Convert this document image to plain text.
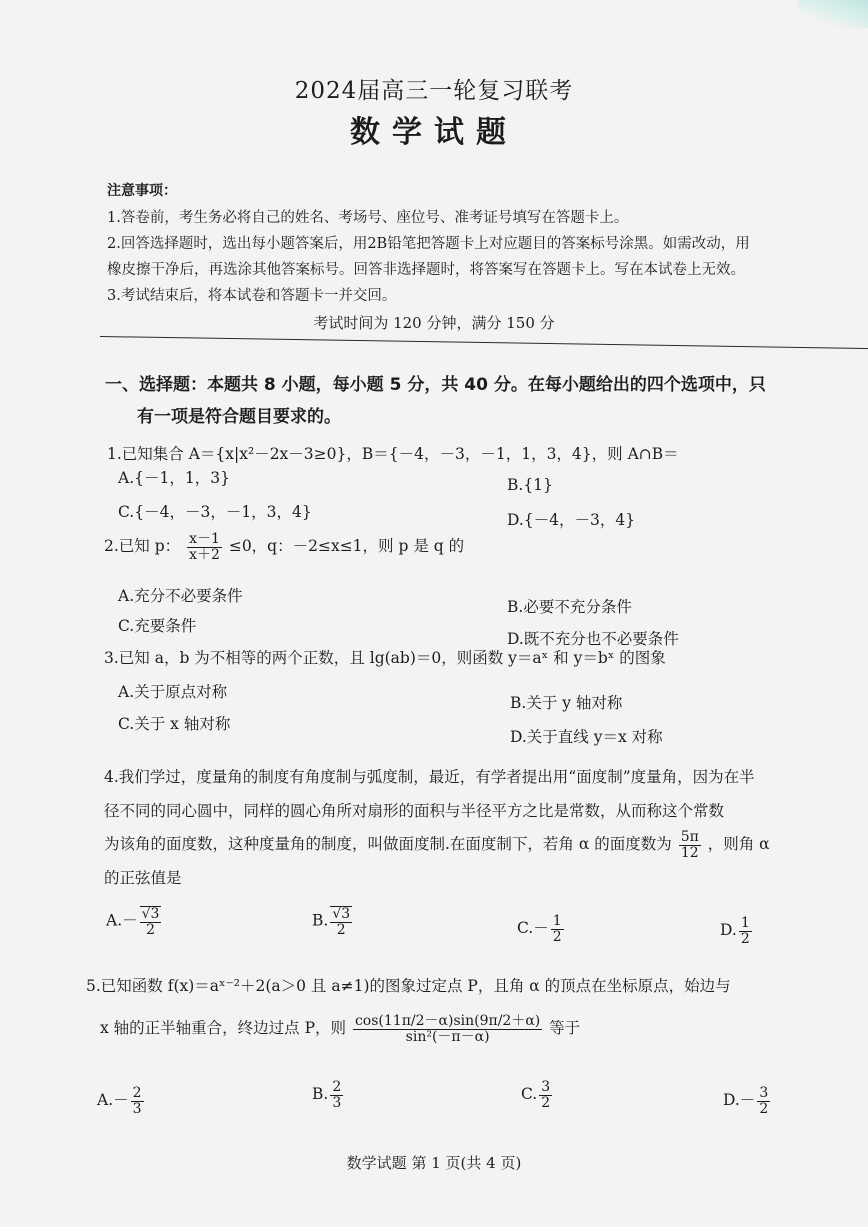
2024届高三一轮复习联考
数学试题
注意事项：
1.答卷前，考生务必将自己的姓名、考场号、座位号、准考证号填写在答题卡上。
2.回答选择题时，选出每小题答案后，用2B铅笔把答题卡上对应题目的答案标号涂黑。如需改动，用
橡皮擦干净后，再选涂其他答案标号。回答非选择题时，将答案写在答题卡上。写在本试卷上无效。
3.考试结束后，将本试卷和答题卡一并交回。
考试时间为 120 分钟，满分 150 分
一、选择题：本题共 8 小题，每小题 5 分，共 40 分。在每小题给出的四个选项中，只
有一项是符合题目要求的。
1.已知集合 A＝{x|x²－2x－3≥0}，B＝{－4，－3，－1，1，3，4}，则 A∩B＝
A.{－1，1，3}	B.{1}
C.{－4，－3，－1，3，4}	D.{－4，－3，4}
2.已知 p： $\frac{x-1}{x+2} \le 0$，q：－2≤x≤1，则 p 是 q 的
A.充分不必要条件
B.必要不充分条件
C.充要条件
D.既不充分也不必要条件
3.已知 a，b 为不相等的两个正数，且 lg(ab)＝0，则函数 y＝aˣ 和 y＝bˣ 的图象
A.关于原点对称
B.关于 y 轴对称
C.关于 x 轴对称
D.关于直线 y＝x 对称
4.我们学过，度量角的制度有角度制与弧度制，最近，有学者提出用“面度制”度量角，因为在半
径不同的同心圆中，同样的圆心角所对扇形的面积与半径平方之比是常数，从而称这个常数
为该角的面度数，这种度量角的制度，叫做面度制.在面度制下，若角 α 的面度数为 $\frac{5\pi}{12}$ ，则角 α
的正弦值是
$A.- \frac{√3}{2}$	B. $\frac{√3}{2}$	$C.- \frac{1}{2}$	D. $\frac{1}{2}$
5.已知函数 f(x)＝aˣ⁻²＋2(a＞0 且 a≠1)的图象过定点 P，且角 α 的顶点在坐标原点，始边与
x 轴的正半轴重合，终边过点 P，则 $\frac{\cos(11\pi/2-\alpha)\sin(9\pi/2+\alpha)}{\text{sin²(－π－α)}}$ 等于
$A.- \frac{2}{3}$	B. $\frac{2}{3}$	C. $\frac{3}{2}$	$D.- \frac{3}{2}$
数学试题 第 1 页(共 4 页)
